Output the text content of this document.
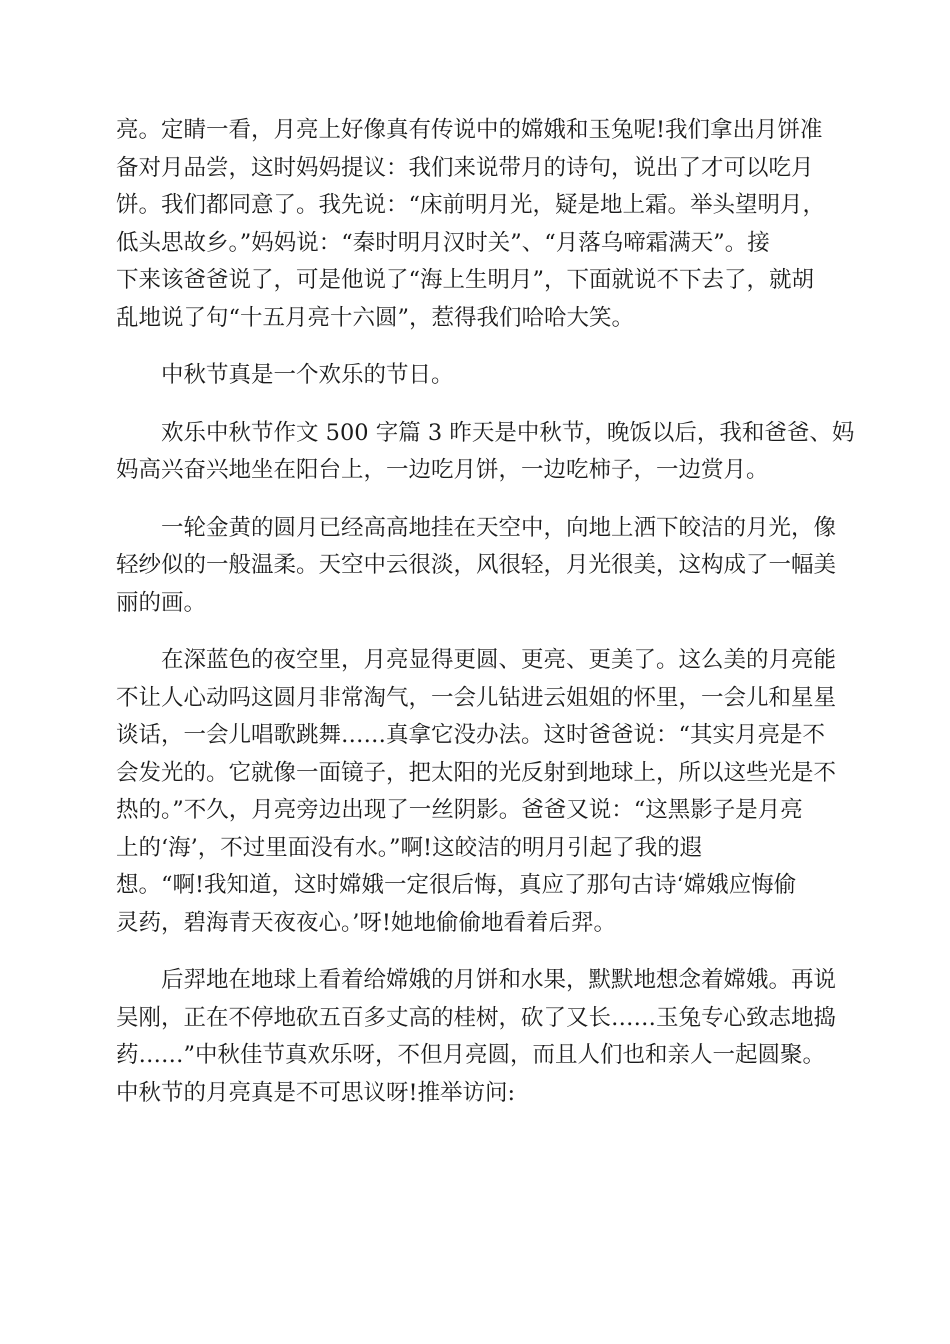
亮。定睛一看，月亮上好像真有传说中的嫦娥和玉兔呢!我们拿出月饼准
备对月品尝，这时妈妈提议：我们来说带月的诗句，说出了才可以吃月
饼。我们都同意了。我先说：“床前明月光，疑是地上霜。举头望明月，
低头思故乡。”妈妈说：“秦时明月汉时关”、“月落乌啼霜满天”。接
下来该爸爸说了，可是他说了“海上生明月”，下面就说不下去了，就胡
乱地说了句“十五月亮十六圆”，惹得我们哈哈大笑。

中秋节真是一个欢乐的节日。

欢乐中秋节作文 500 字篇 3 昨天是中秋节，晚饭以后，我和爸爸、妈
妈高兴奋兴地坐在阳台上，一边吃月饼，一边吃柿子，一边赏月。

一轮金黄的圆月已经高高地挂在天空中，向地上洒下皎洁的月光，像
轻纱似的一般温柔。天空中云很淡，风很轻，月光很美，这构成了一幅美
丽的画。

在深蓝色的夜空里，月亮显得更圆、更亮、更美了。这么美的月亮能
不让人心动吗这圆月非常淘气，一会儿钻进云姐姐的怀里，一会儿和星星
谈话，一会儿唱歌跳舞……真拿它没办法。这时爸爸说：“其实月亮是不
会发光的。它就像一面镜子，把太阳的光反射到地球上，所以这些光是不
热的。”不久，月亮旁边出现了一丝阴影。爸爸又说：“这黑影子是月亮
上的‘海’，不过里面没有水。”啊!这皎洁的明月引起了我的遐
想。“啊!我知道，这时嫦娥一定很后悔，真应了那句古诗‘嫦娥应悔偷
灵药，碧海青天夜夜心。’呀!她地偷偷地看着后羿。

后羿地在地球上看着给嫦娥的月饼和水果，默默地想念着嫦娥。再说
吴刚，正在不停地砍五百多丈高的桂树，砍了又长……玉兔专心致志地捣
药……”中秋佳节真欢乐呀，不但月亮圆，而且人们也和亲人一起圆聚。
中秋节的月亮真是不可思议呀!推举访问:
